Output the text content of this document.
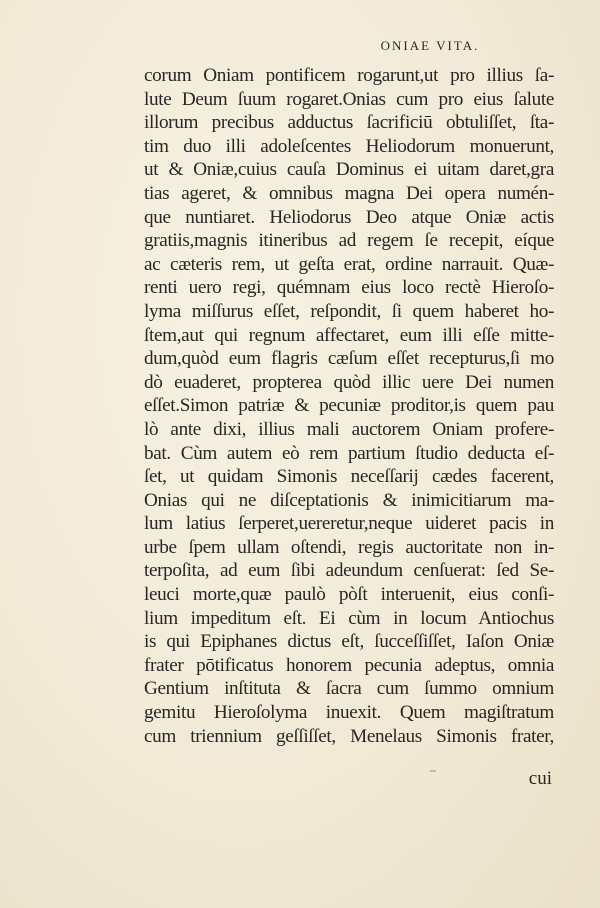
ONIAE VITA.
corum Oniam pontificem rogarunt,ut pro illius ſa-
lute Deum ſuum rogaret.Onias cum pro eius ſalute
illorum precibus adductus ſacrificiū obtuliſſet, ſta-
tim duo illi adoleſcentes Heliodorum monuerunt,
ut & Oniæ,cuius cauſa Dominus ei uitam daret,gra
tias ageret, & omnibus magna Dei opera numén-
que nuntiaret. Heliodorus Deo atque Oniæ actis
gratiis,magnis itineribus ad regem ſe recepit, eíque
ac cæteris rem, ut geſta erat, ordine narrauit. Quæ-
renti uero regi, quémnam eius loco rectè Hieroſo-
lyma miſſurus eſſet, reſpondit, ſi quem haberet ho-
ſtem,aut qui regnum affectaret, eum illi eſſe mitte-
dum,quòd eum flagris cæſum eſſet recepturus,ſi mo
dò euaderet, propterea quòd illic uere Dei numen
eſſet.Simon patriæ & pecuniæ proditor,is quem pau
lò ante dixi, illius mali auctorem Oniam profere-
bat. Cùm autem eò rem partium ſtudio deducta eſ-
ſet, ut quidam Simonis neceſſarij cædes facerent,
Onias qui ne diſceptationis & inimicitiarum ma-
lum latius ſerperet,uereretur,neque uideret pacis in
urbe ſpem ullam oſtendi, regis auctoritate non in-
terpoſita, ad eum ſibi adeundum cenſuerat: ſed Se-
leuci morte,quæ paulò pòſt interuenit, eius conſi-
lium impeditum eſt. Ei cùm in locum Antiochus
is qui Epiphanes dictus eſt, ſucceſſiſſet, Iaſon Oniæ
frater pōtificatus honorem pecunia adeptus, omnia
Gentium inſtituta & ſacra cum ſummo omnium
gemitu Hieroſolyma inuexit. Quem magiſtratum
cum triennium geſſiſſet, Menelaus Simonis frater,
cui
